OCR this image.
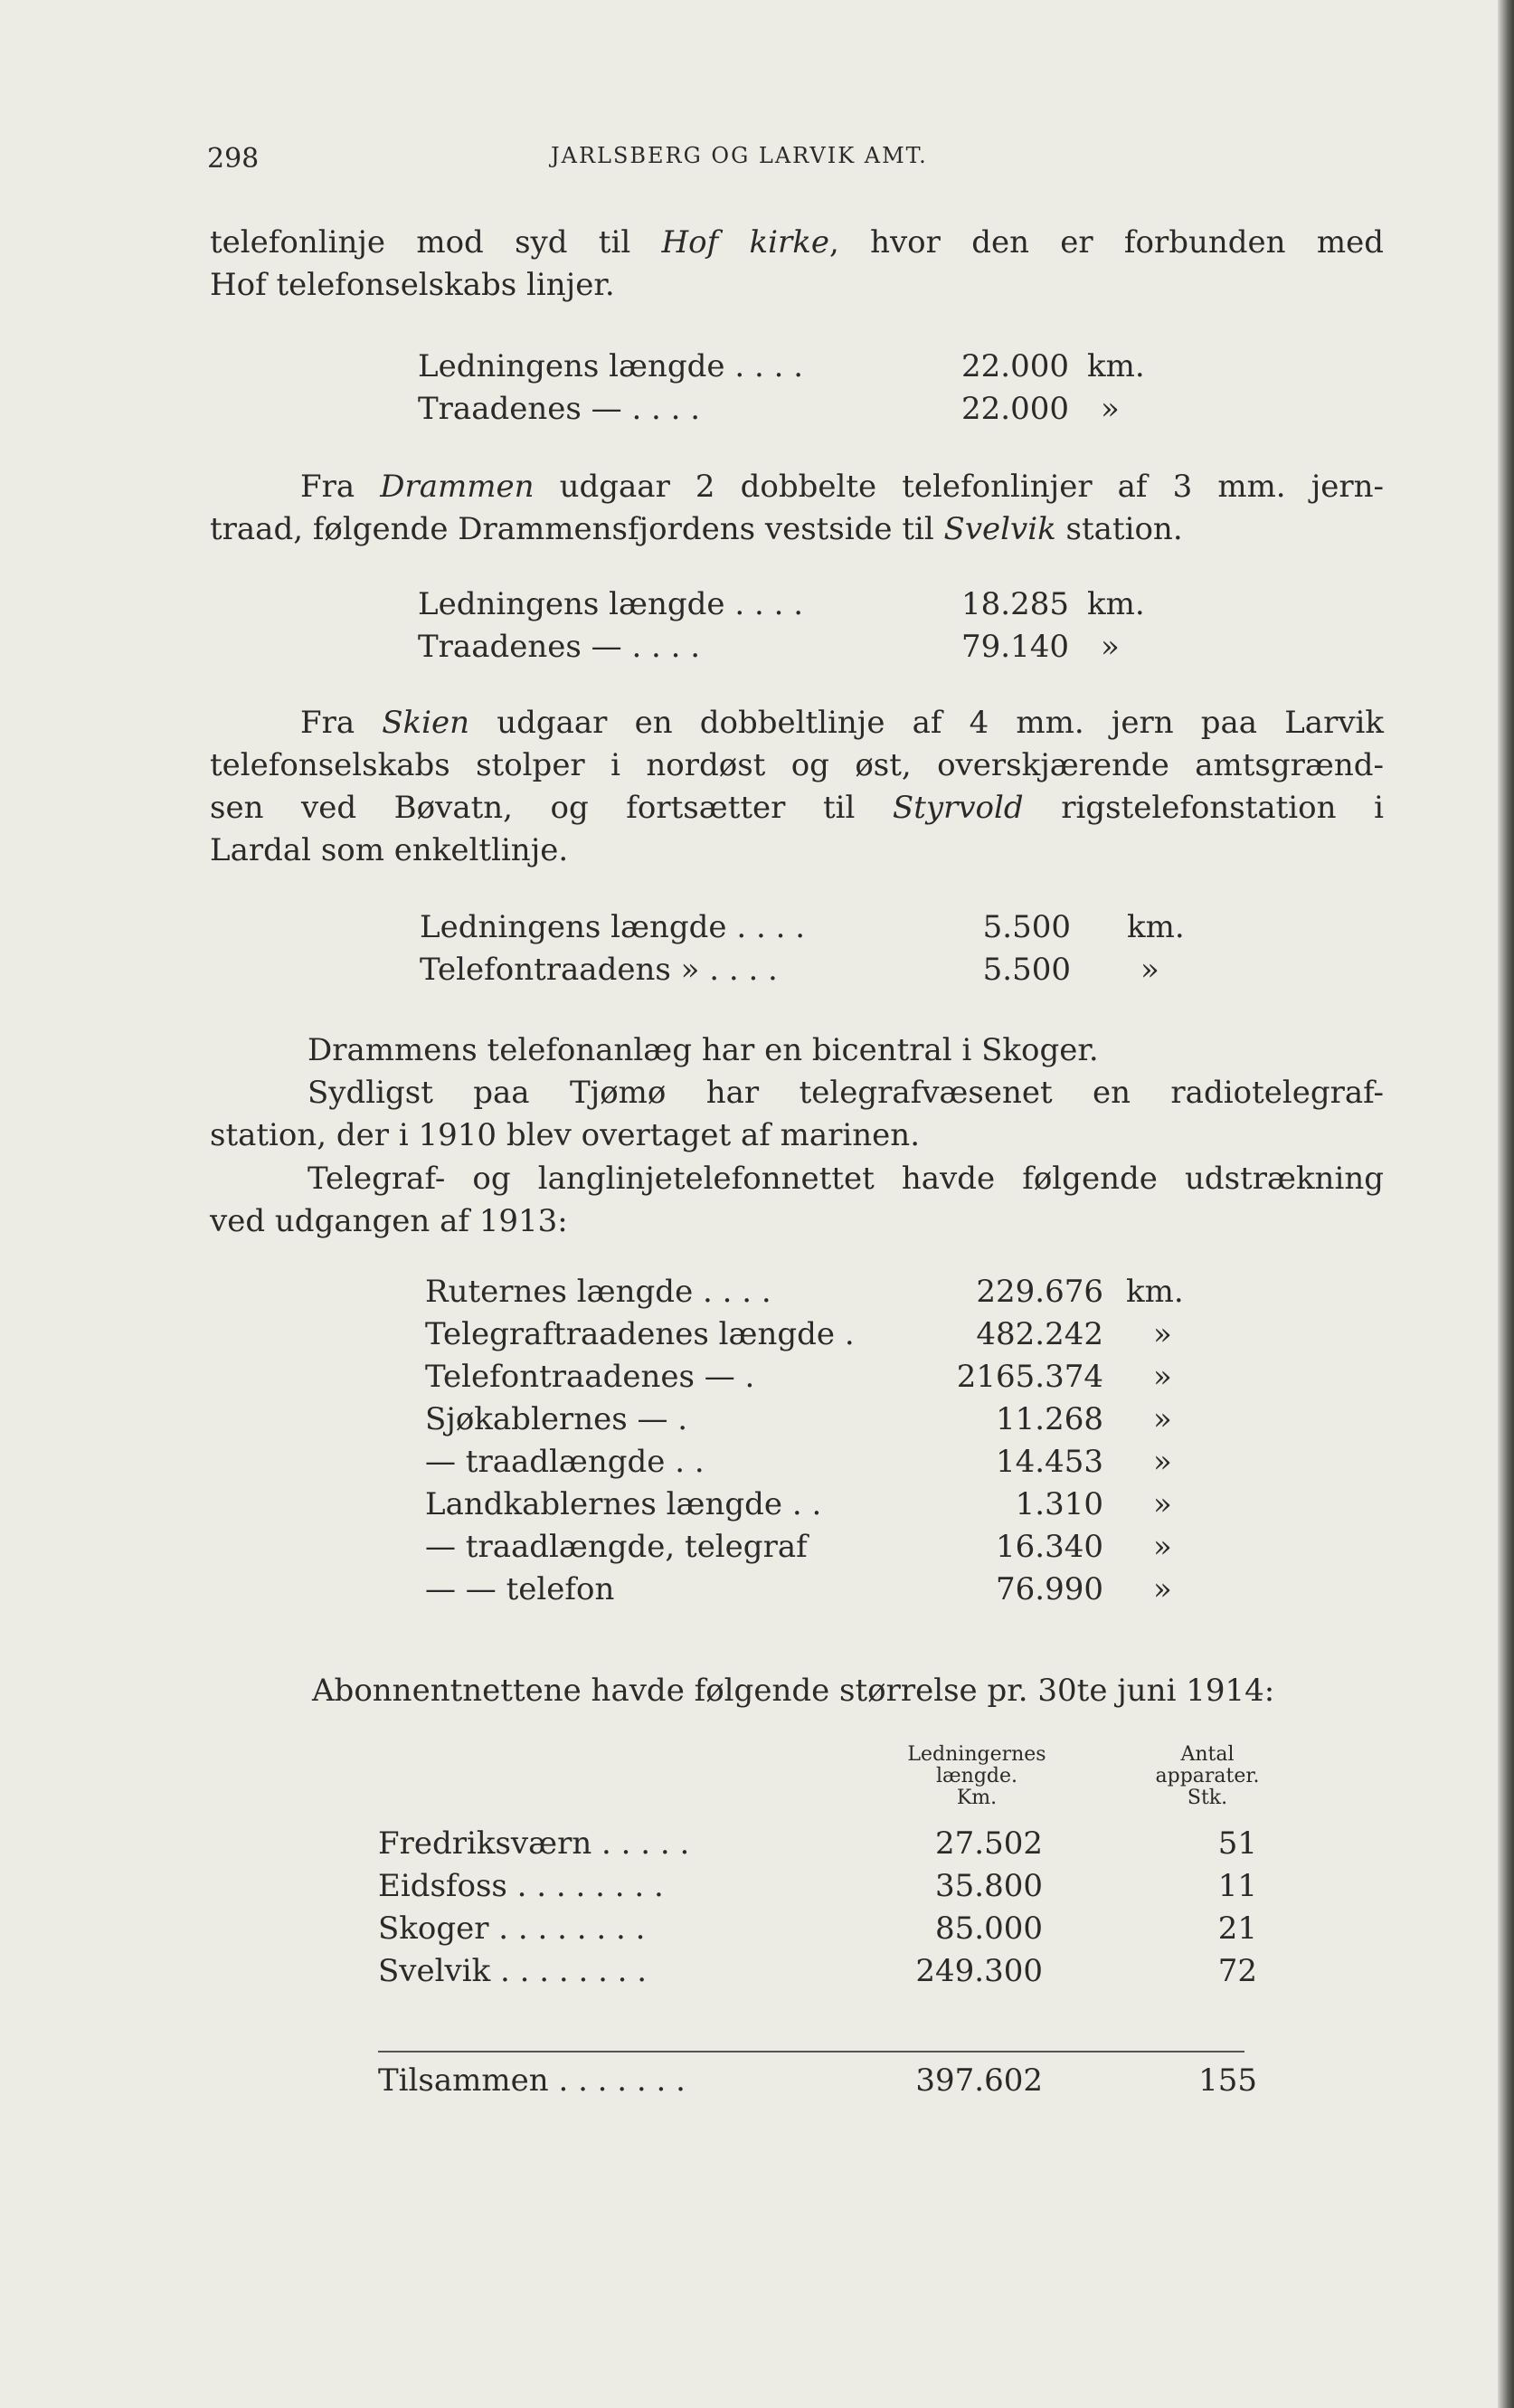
298	JARLSBERG OG LARVIK AMT.
telefonlinje mod syd til Hof kirke, hvor den er forbunden med
Hof telefonselskabs linjer.
Ledningens længde . . . .	22.000 km.
Traadenes — . . . .	22.000 »
Fra Drammen udgaar 2 dobbelte telefonlinjer af 3 mm. jern-
traad, følgende Drammensfjordens vestside til Svelvik station.
Ledningens længde . . . .	18.285 km.
Traadenes — . . . .	79.140 »
Fra Skien udgaar en dobbeltlinje af 4 mm. jern paa Larvik
telefonselskabs stolper i nordøst og øst, overskjærende amtsgrænd-
sen ved Bøvatn, og fortsætter til Styrvold rigstelefonstation i
Lardal som enkeltlinje.
Ledningens længde . . . .	5.500 km.
Telefontraadens » . . . .	5.500 »
Drammens telefonanlæg har en bicentral i Skoger.
Sydligst paa Tjømø har telegrafvæsenet en radiotelegraf-
station, der i 1910 blev overtaget af marinen.
Telegraf- og langlinjetelefonnettet havde følgende udstrækning
ved udgangen af 1913:
Ruternes længde . . . .	229.676 km.
Telegraftraadenes længde .	482.242 »
Telefontraadenes — .	2165.374 »
Sjøkablernes — .	11.268 »
— traadlængde . .	14.453 »
Landkablernes længde . .	1.310 »
— traadlængde, telegraf	16.340 »
— — telefon	76.990 »
Abonnentnettene havde følgende størrelse pr. 30te juni 1914:
Ledningernes
længde.
Km.
Antal
apparater.
Stk.
Fredriksværn . . . . .	27.502	51
Eidsfoss . . . . . . . .	35.800	11
Skoger . . . . . . . .	85.000	21
Svelvik . . . . . . . .	249.300	72
Tilsammen . . . . . . .	397.602	155
